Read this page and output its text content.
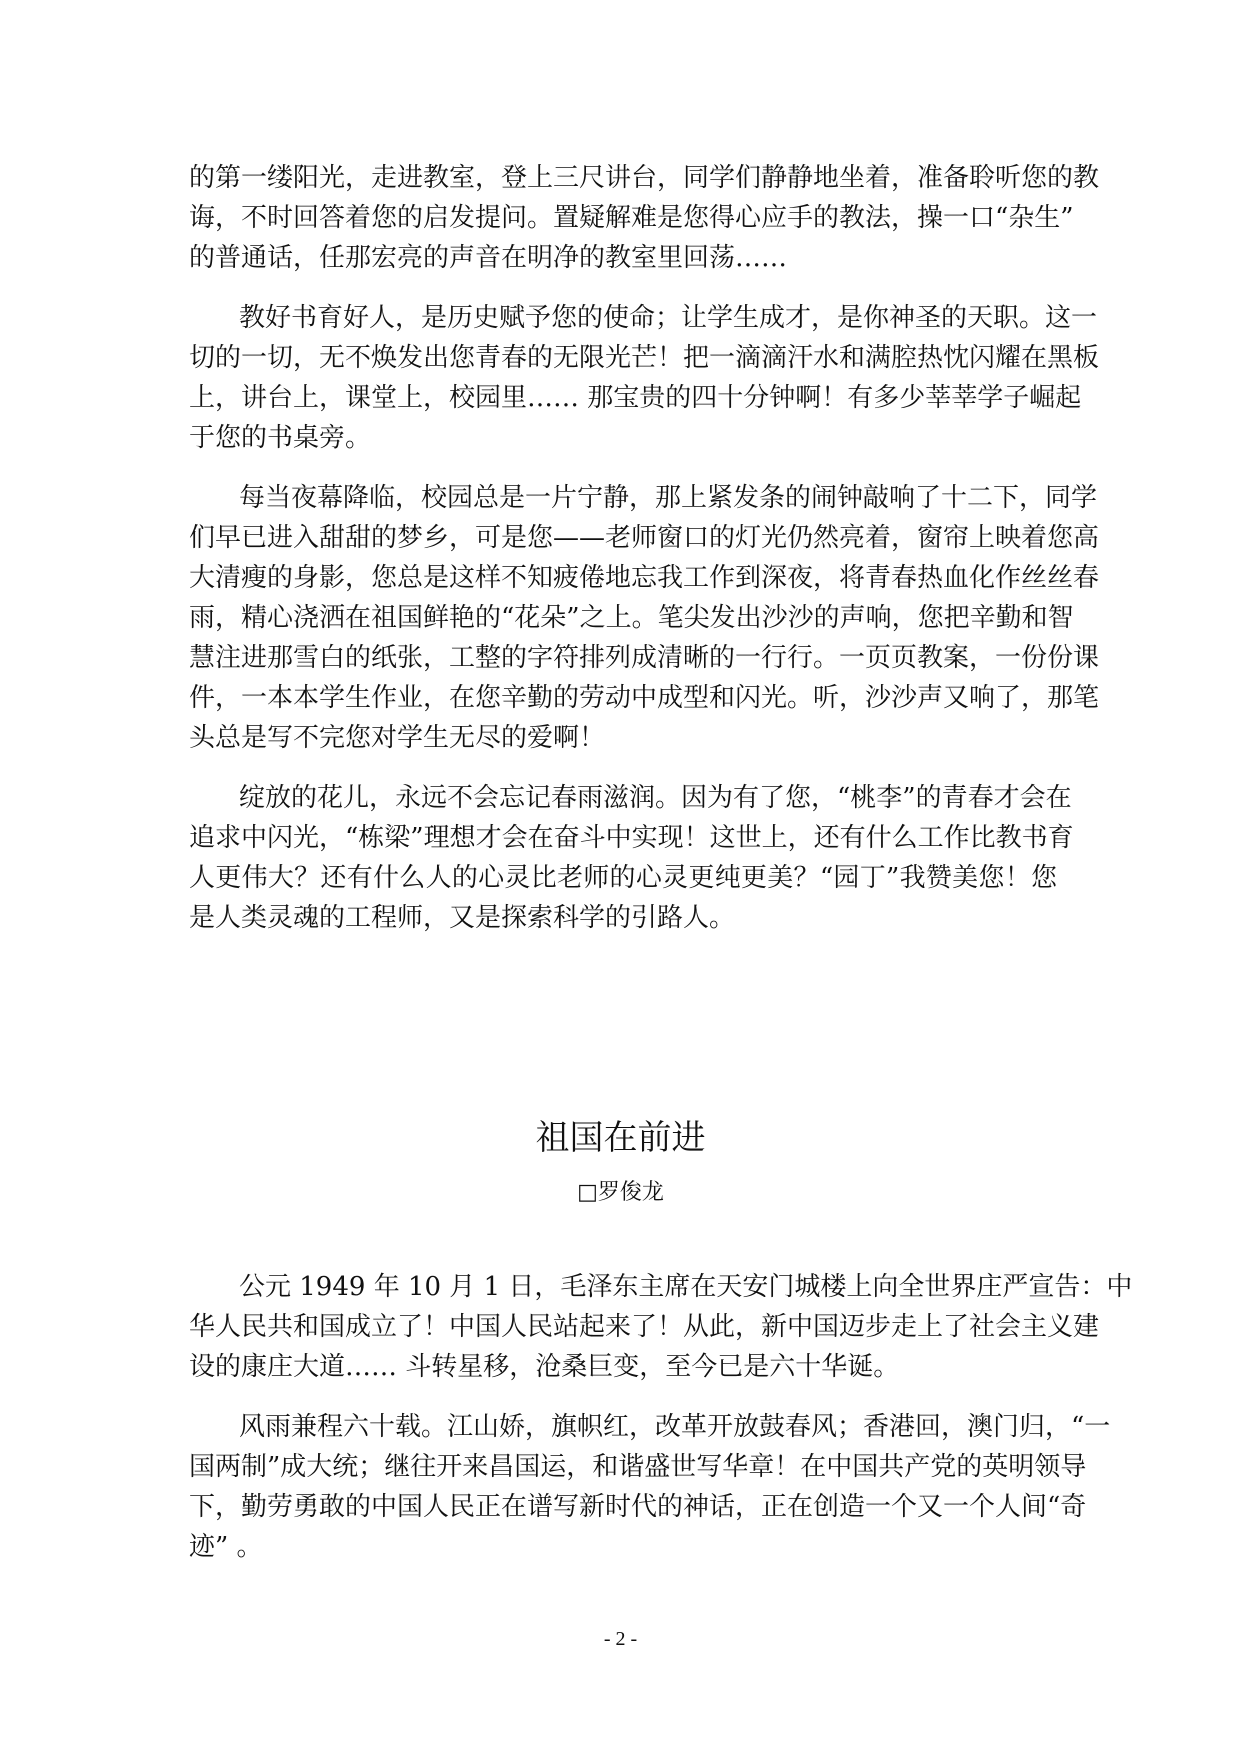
的第一缕阳光，走进教室，登上三尺讲台，同学们静静地坐着，准备聆听您的教
诲，不时回答着您的启发提问。置疑解难是您得心应手的教法，操一口“杂生”
的普通话，任那宏亮的声音在明净的教室里回荡……
教好书育好人，是历史赋予您的使命；让学生成才，是你神圣的天职。这一
切的一切，无不焕发出您青春的无限光芒！把一滴滴汗水和满腔热忱闪耀在黑板
上，讲台上，课堂上，校园里…… 那宝贵的四十分钟啊！有多少莘莘学子崛起
于您的书桌旁。
每当夜幕降临，校园总是一片宁静，那上紧发条的闹钟敲响了十二下，同学
们早已进入甜甜的梦乡，可是您——老师窗口的灯光仍然亮着，窗帘上映着您高
大清瘦的身影，您总是这样不知疲倦地忘我工作到深夜，将青春热血化作丝丝春
雨，精心浇洒在祖国鲜艳的“花朵”之上。笔尖发出沙沙的声响，您把辛勤和智
慧注进那雪白的纸张，工整的字符排列成清晰的一行行。一页页教案，一份份课
件，一本本学生作业，在您辛勤的劳动中成型和闪光。听，沙沙声又响了，那笔
头总是写不完您对学生无尽的爱啊！
绽放的花儿，永远不会忘记春雨滋润。因为有了您，“桃李”的青春才会在
追求中闪光，“栋梁”理想才会在奋斗中实现！这世上，还有什么工作比教书育
人更伟大？还有什么人的心灵比老师的心灵更纯更美？“园丁”我赞美您！您
是人类灵魂的工程师，又是探索科学的引路人。
祖国在前进
□罗俊龙
公元 1949 年 10 月 1 日，毛泽东主席在天安门城楼上向全世界庄严宣告：中
华人民共和国成立了！中国人民站起来了！从此，新中国迈步走上了社会主义建
设的康庄大道…… 斗转星移，沧桑巨变，至今已是六十华诞。
风雨兼程六十载。江山娇，旗帜红，改革开放鼓春风；香港回，澳门归，“一
国两制”成大统；继往开来昌国运，和谐盛世写华章！在中国共产党的英明领导
下，勤劳勇敢的中国人民正在谱写新时代的神话，正在创造一个又一个人间“奇
迹” 。
- 2 -
